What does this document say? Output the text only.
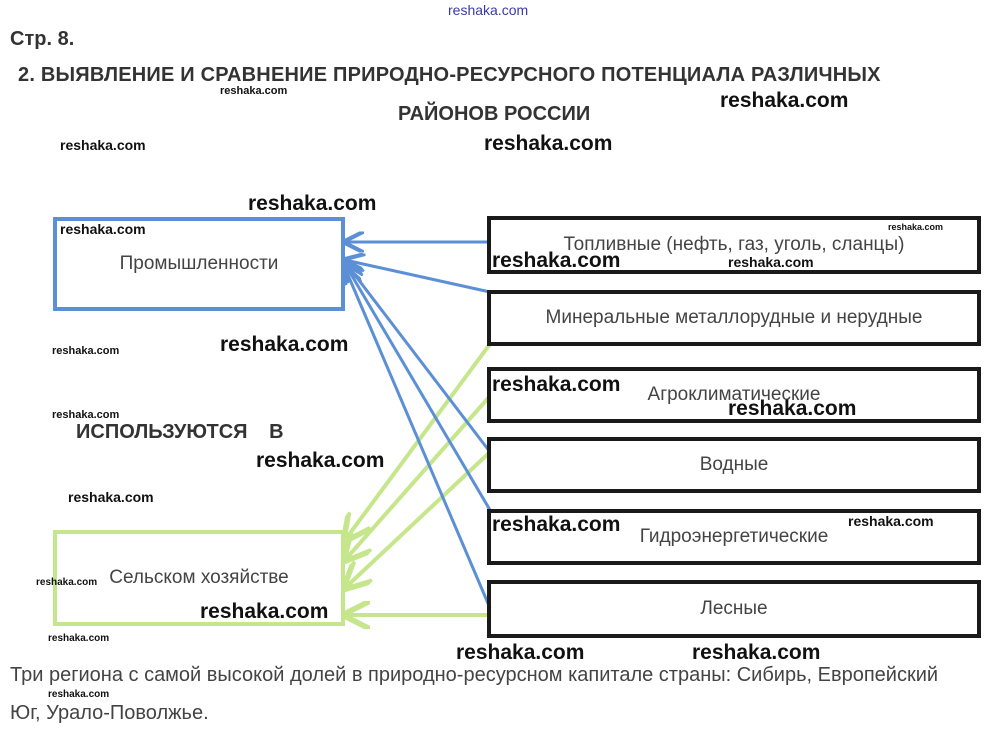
Стр. 8.
2. ВЫЯВЛЕНИЕ И СРАВНЕНИЕ ПРИРОДНО-РЕСУРСНОГО ПОТЕНЦИАЛА РАЗЛИЧНЫХ
РАЙОНОВ РОССИИ
ИСПОЛЬЗУЮТСЯ В
Промышленности
Сельском хозяйстве
Топливные (нефть, газ, уголь, сланцы)
Минеральные металлорудные и нерудные
Агроклиматические
Водные
Гидроэнергетические
Лесные
Три региона с самой высокой долей в природно-ресурсном капитале страны: Сибирь, Европейский Юг, Урало-Поволжье.
reshaka.com
reshaka.com	reshaka.com
reshaka.com	reshaka.com
reshaka.com
reshaka.com	reshaka.com
reshaka.com	reshaka.com
reshaka.com
reshaka.com
reshaka.com
reshaka.com
reshaka.com
reshaka.com
reshaka.com
reshaka.com	reshaka.com
reshaka.com
reshaka.com
reshaka.com
reshaka.com	reshaka.com
reshaka.com
